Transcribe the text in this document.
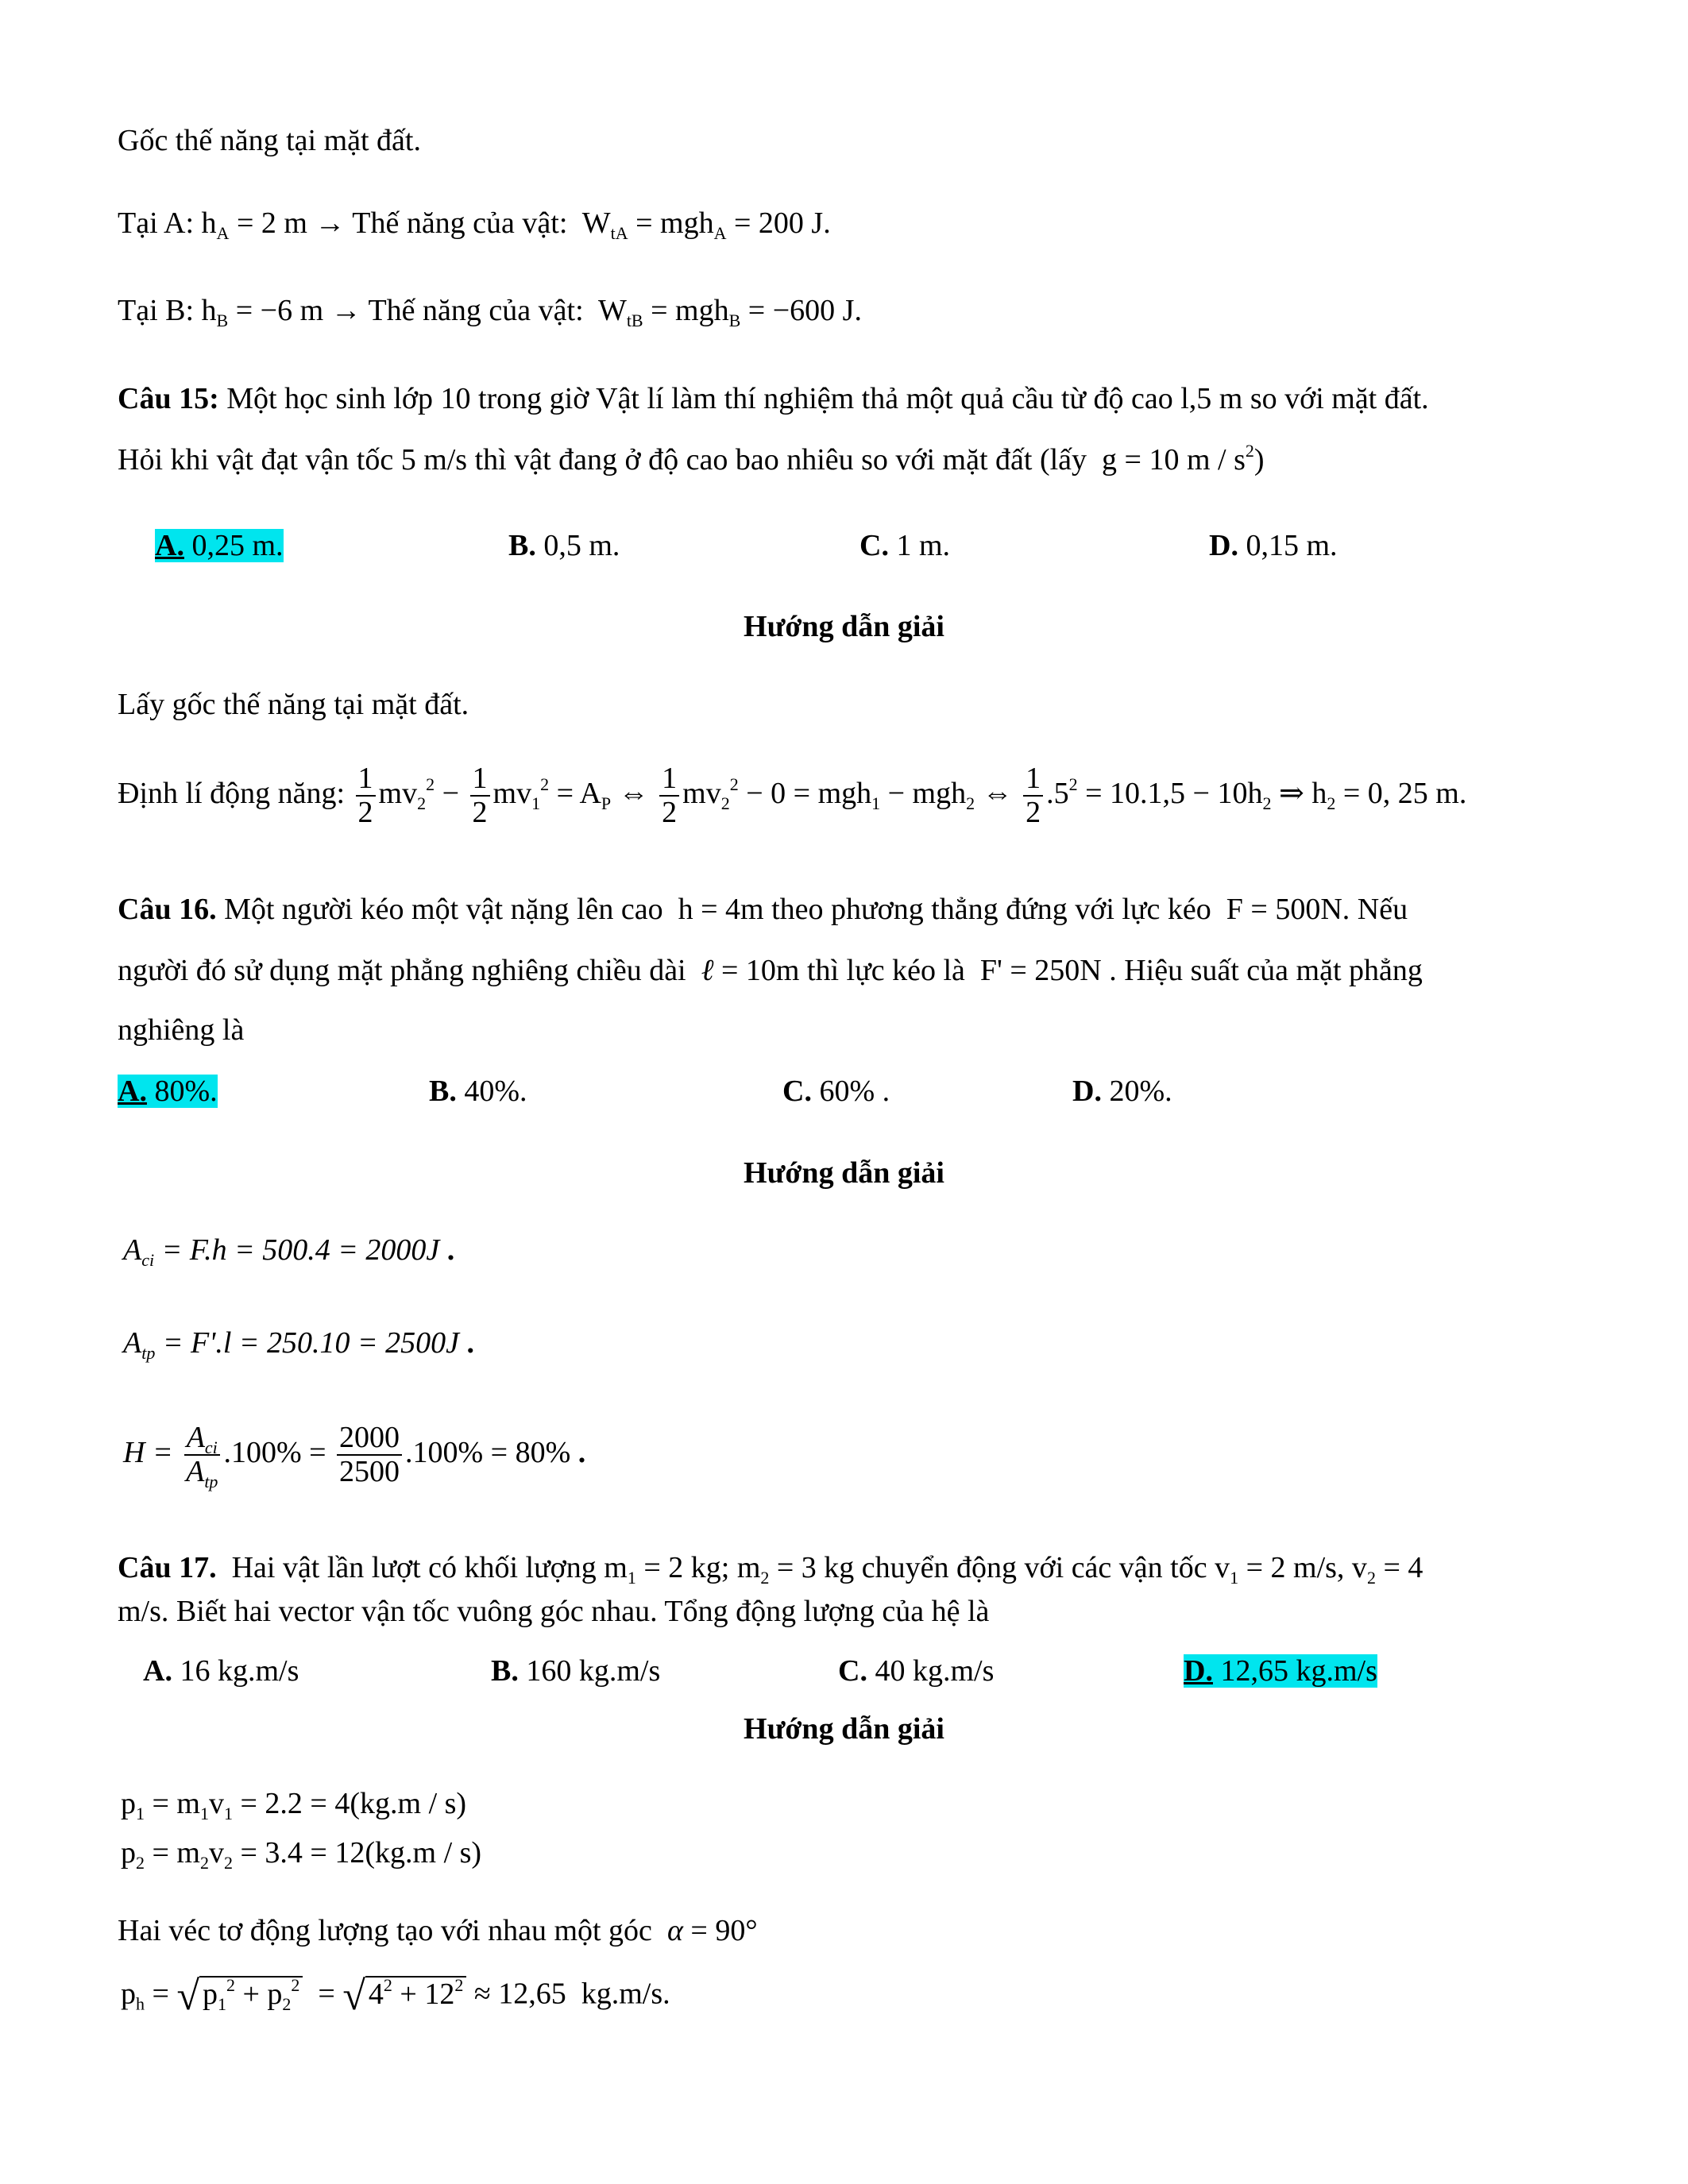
Gốc thế năng tại mặt đất.
Tại A: $h_A = 2$ m → Thế năng của vật:  $W_{tA} = mgh_A = 200$ J.
Tại B: $h_B = -6$ m → Thế năng của vật:  $W_{tB} = mgh_B = -600$ J.
Câu 15: Một học sinh lớp 10 trong giờ Vật lí làm thí nghiệm thả một quả cầu từ độ cao l,5 m so với mặt đất.
Hỏi khi vật đạt vận tốc 5 m/s thì vật đang ở độ cao bao nhiêu so với mặt đất (lấy  g = 10 m / $s^2$)
A. 0,25 m.	B. 0,5 m.	C. 1 m.	D. 0,15 m.
Hướng dẫn giải
Lấy gốc thế năng tại mặt đất.
Định lí động năng: $\frac{1}{2} mv_2^2 - \frac{1}{2} mv_1^2 = A_P$ ⇔ $\frac{1}{2} mv_2^2 - 0 = mgh_1 - mgh_2$ ⇔ $\frac{1}{2} .5^2 = 10.1,5 - 10h_2$ ⇒ $h_2 = 0$, 25 m.
Câu 16. Một người kéo một vật nặng lên cao  h = 4m theo phương thẳng đứng với lực kéo  F = 500N. Nếu
người đó sử dụng mặt phẳng nghiêng chiều dài  ℓ = 10m thì lực kéo là  F' = 250N . Hiệu suất của mặt phẳng
nghiêng là
A. 80%.	B. 40%.	C. 60% .	D. 20%.
Hướng dẫn giải
$A_{ci} = F.h = 500.4 = 2000J$ .
$A_{tp} = F'.l = 250.10 = 2500J$ .
$H = \frac{A_{ci}}{A_{tp}} .100\% = \frac{2000}{2500} .100\% = 80\%$ .
Câu 17.  Hai vật lần lượt có khối lượng $m_1 = 2$ kg; $m_2 = 3$ kg chuyển động với các vận tốc $v_1 = 2$ m/s, $v_2 = 4$
m/s. Biết hai vector vận tốc vuông góc nhau. Tổng động lượng của hệ là
A. 16 kg.m/s	B. 160 kg.m/s	C. 40 kg.m/s	D. 12,65 kg.m/s
Hướng dẫn giải
$p_1 = m_1v_1 = 2.2 = 4(kg.m / s)$
$p_2 = m_2v_2 = 3.4 = 12(kg.m / s)$
Hai véc tơ động lượng tạo với nhau một góc  α = 90°
$p_h$ = √ $p_1^2 + p_2^2$ = √ $4^2 + 12^2 \approx 12,65$  kg.m/s.
